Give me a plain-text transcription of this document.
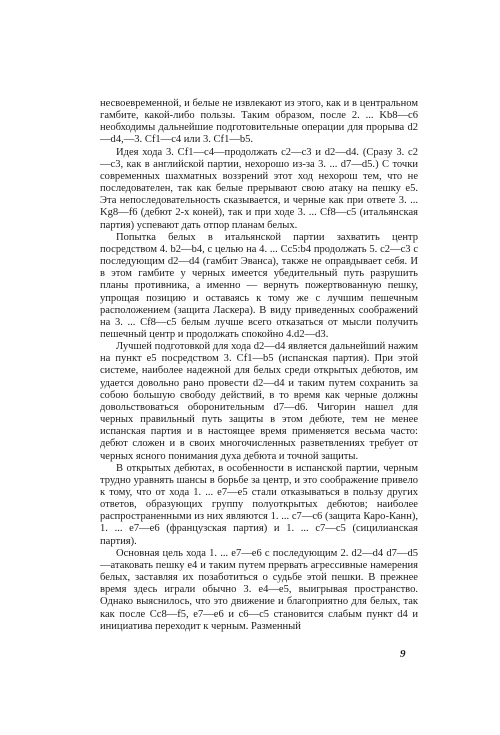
несвоевременной, и белые не извлекают из этого, как и в центральном гамбите, какой-либо пользы. Таким образом, после 2. ... Kb8—c6 необходимы дальнейшие подготовительные операции для прорыва d2—d4,—3. Cf1—c4 или 3. Cf1—b5.

Идея хода 3. Cf1—c4—продолжать c2—c3 и d2—d4. (Сразу 3. c2—c3, как в английской партии, нехорошо из-за 3. ... d7—d5.) С точки современных шахматных воззрений этот ход нехорош тем, что не последователен, так как белые прерывают свою атаку на пешку e5. Эта непоследовательность сказывается, и черные как при ответе 3. ... Kg8—f6 (дебют 2-х коней), так и при ходе 3. ... Cf8—c5 (итальянская партия) успевают дать отпор планам белых.

Попытка белых в итальянской партии захватить центр посредством 4. b2—b4, с целью на 4. ... Cc5:b4 продолжать 5. c2—c3 с последующим d2—d4 (гамбит Эванса), также не оправдывает себя. И в этом гамбите у черных имеется убедительный путь разрушить планы противника, а именно — вернуть пожертвованную пешку, упрощая позицию и оставаясь к тому же с лучшим пешечным расположением (защита Ласкера). В виду приведенных соображений на 3. ... Cf8—c5 белым лучше всего отказаться от мысли получить пешечный центр и продолжать спокойно 4.d2—d3.

Лучшей подготовкой для хода d2—d4 является дальнейший нажим на пункт e5 посредством 3. Cf1—b5 (испанская партия). При этой системе, наиболее надежной для белых среди открытых дебютов, им удается довольно рано провести d2—d4 и таким путем сохранить за собою большую свободу действий, в то время как черные должны довольствоваться оборонительным d7—d6. Чигорин нашел для черных правильный путь защиты в этом дебюте, тем не менее испанская партия и в настоящее время применяется весьма часто: дебют сложен и в своих многочисленных разветвлениях требует от черных ясного понимания духа дебюта и точной защиты.

В открытых дебютах, в особенности в испанской партии, черным трудно уравнять шансы в борьбе за центр, и это соображение привело к тому, что от хода 1. ... e7—e5 стали отказываться в пользу других ответов, образующих группу полуоткрытых дебютов; наиболее распространенными из них являются 1. ... c7—c6 (защита Каро-Канн), 1. ... e7—e6 (французская партия) и 1. ... c7—c5 (сицилианская партия).

Основная цель хода 1. ... e7—e6 с последующим 2. d2—d4 d7—d5—атаковать пешку e4 и таким путем прервать агрессивные намерения белых, заставляя их позаботиться о судьбе этой пешки. В прежнее время здесь играли обычно 3. e4—e5, выигрывая пространство. Однако выяснилось, что это движение и благоприятно для белых, так как после Cc8—f5, e7—e6 и c6—c5 становится слабым пункт d4 и инициатива переходит к черным. Разменный

9
